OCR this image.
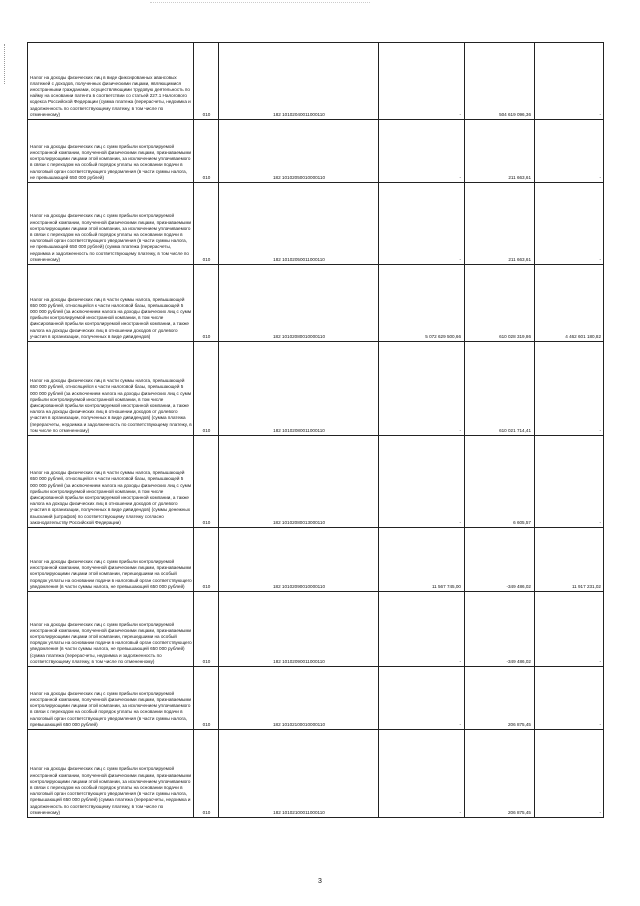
Налог на доходы физических лиц в виде фиксированных авансовых платежей с доходов, полученных физическими лицами, являющимися иностранными гражданами, осуществляющими трудовую деятельность по найму на основании патента в соответствии со статьей 227.1 Налогового кодекса Российской Федерации (сумма платежа (перерасчеты, недоимка и задолженность по соответствующему платежу, в том числе по отмененному)	010	182 10102040011000110	-	504 619 096,36	-
Налог на доходы физических лиц с сумм прибыли контролируемой иностранной компании, полученной физическими лицами, признаваемыми контролирующими лицами этой компании, за исключением уплачиваемого в связи с переходом на особый порядок уплаты на основании подачи в налоговый орган соответствующего уведомления (в части суммы налога, не превышающей 650 000 рублей)	010	182 10102050010000110	-	211 663,61	-
Налог на доходы физических лиц с сумм прибыли контролируемой иностранной компании, полученной физическими лицами, признаваемыми контролирующими лицами этой компании, за исключением уплачиваемого в связи с переходом на особый порядок уплаты на основании подачи в налоговый орган соответствующего уведомления (в части суммы налога, не превышающей 650 000 рублей) (сумма платежа (перерасчеты, недоимка и задолженность по соответствующему платежу, в том числе по отмененному)	010	182 10102050011000110	-	211 663,61	-
Налог на доходы физических лиц в части суммы налога, превышающей 650 000 рублей, относящейся к части налоговой базы, превышающей 5 000 000 рублей (за исключением налога на доходы физических лиц с сумм прибыли контролируемой иностранной компании, в том числе фиксированной прибыли контролируемой иностранной компании, а также налога на доходы физических лиц в отношении доходов от долевого участия в организации, полученных в виде дивидендов)	010	182 10102080010000110	5 072 629 500,66	610 028 319,86	4 462 601 180,82
Налог на доходы физических лиц в части суммы налога, превышающей 650 000 рублей, относящейся к части налоговой базы, превышающей 5 000 000 рублей (за исключением налога на доходы физических лиц с сумм прибыли контролируемой иностранной компании, в том числе фиксированной прибыли контролируемой иностранной компании, а также налога на доходы физических лиц в отношении доходов от долевого участия в организации, полученных в виде дивидендов) (сумма платежа (перерасчеты, недоимка и задолженность по соответствующему платежу, в том числе по отмененному)	010	182 10102080011000110	-	610 021 714,41	-
Налог на доходы физических лиц в части суммы налога, превышающей 650 000 рублей, относящейся к части налоговой базы, превышающей 5 000 000 рублей (за исключением налога на доходы физических лиц с сумм прибыли контролируемой иностранной компании, в том числе фиксированной прибыли контролируемой иностранной компании, а также налога на доходы физических лиц в отношении доходов от долевого участия в организации, полученных в виде дивидендов) (суммы денежных взысканий (штрафов) по соответствующему платежу согласно законодательству Российской Федерации)	010	182 10102080013000110	-	6 605,57	-
Налог на доходы физических лиц с сумм прибыли контролируемой иностранной компании, полученной физическими лицами, признаваемыми контролирующими лицами этой компании, перешедшими на особый порядок уплаты на основании подачи в налоговый орган соответствующего уведомления (в части суммы налога, не превышающей 650 000 рублей)	010	182 10102090010000110	11 567 745,00	-349 486,02	11 917 231,02
Налог на доходы физических лиц с сумм прибыли контролируемой иностранной компании, полученной физическими лицами, признаваемыми контролирующими лицами этой компании, перешедшими на особый порядок уплаты на основании подачи в налоговый орган соответствующего уведомления (в части суммы налога, не превышающей 650 000 рублей) (сумма платежа (перерасчеты, недоимка и задолженность по соответствующему платежу, в том числе по отмененному)	010	182 10102090011000110	-	-349 486,02	-
Налог на доходы физических лиц с сумм прибыли контролируемой иностранной компании, полученной физическими лицами, признаваемыми контролирующими лицами этой компании, за исключением уплачиваемого в связи с переходом на особый порядок уплаты на основании подачи в налоговый орган соответствующего уведомления (в части суммы налога, превышающей 650 000 рублей)	010	182 10102100010000110	-	206 875,45	-
Налог на доходы физических лиц с сумм прибыли контролируемой иностранной компании, полученной физическими лицами, признаваемыми контролирующими лицами этой компании, за исключением уплачиваемого в связи с переходом на особый порядок уплаты на основании подачи в налоговый орган соответствующего уведомления (в части суммы налога, превышающей 650 000 рублей) (сумма платежа (перерасчеты, недоимка и задолженность по соответствующему платежу, в том числе по отмененному)	010	182 10102100011000110	-	206 875,45	-
3
